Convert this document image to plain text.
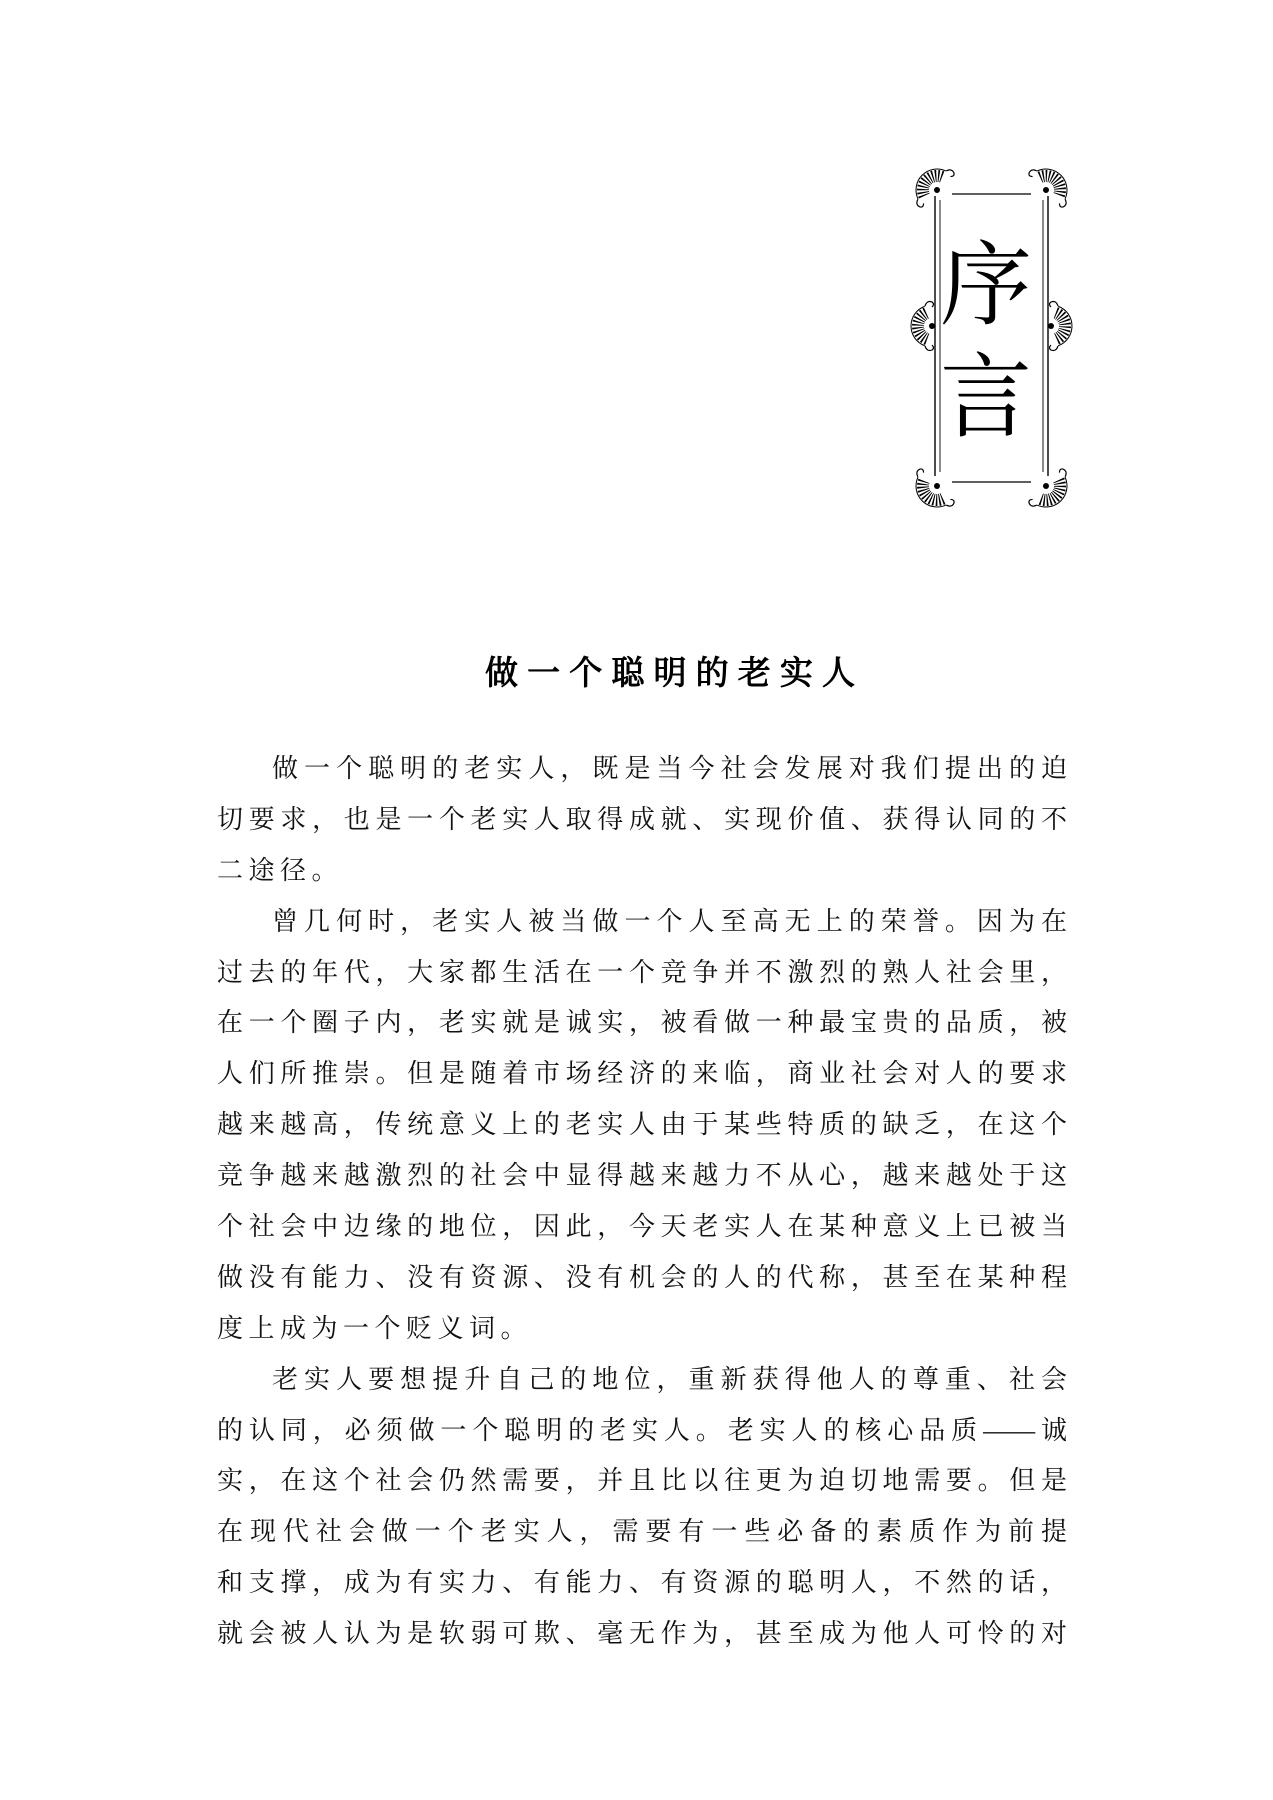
序
言
做一个聪明的老实人
做一个聪明的老实人，既是当今社会发展对我们提出的迫
切要求，也是一个老实人取得成就、实现价值、获得认同的不
二途径。
曾几何时，老实人被当做一个人至高无上的荣誉。因为在
过去的年代，大家都生活在一个竞争并不激烈的熟人社会里，
在一个圈子内，老实就是诚实，被看做一种最宝贵的品质，被
人们所推崇。但是随着市场经济的来临，商业社会对人的要求
越来越高，传统意义上的老实人由于某些特质的缺乏，在这个
竞争越来越激烈的社会中显得越来越力不从心，越来越处于这
个社会中边缘的地位，因此，今天老实人在某种意义上已被当
做没有能力、没有资源、没有机会的人的代称，甚至在某种程
度上成为一个贬义词。
老实人要想提升自己的地位，重新获得他人的尊重、社会
的认同，必须做一个聪明的老实人。老实人的核心品质——诚
实，在这个社会仍然需要，并且比以往更为迫切地需要。但是
在现代社会做一个老实人，需要有一些必备的素质作为前提
和支撑，成为有实力、有能力、有资源的聪明人，不然的话，
就会被人认为是软弱可欺、毫无作为，甚至成为他人可怜的对
